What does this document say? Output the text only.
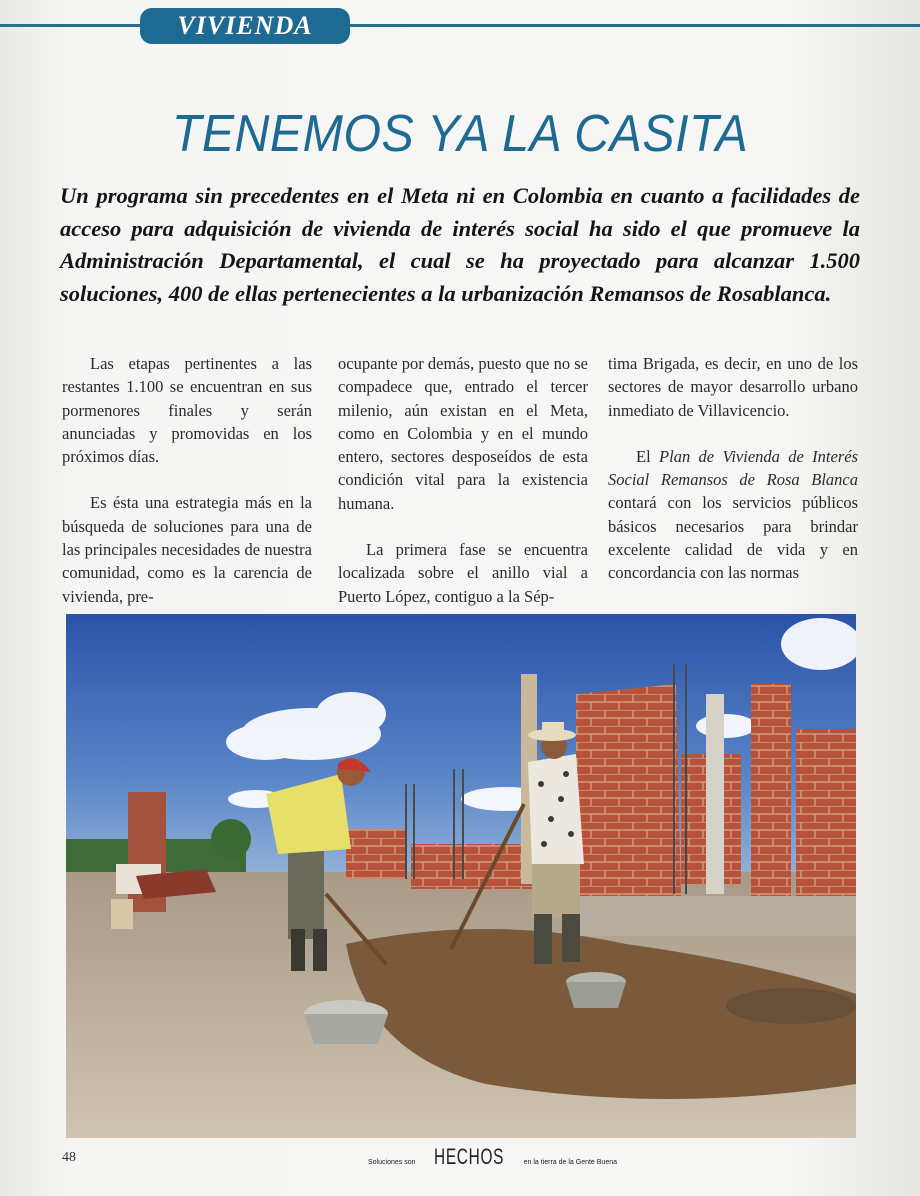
VIVIENDA
TENEMOS YA LA CASITA
Un programa sin precedentes en el Meta ni en Colombia en cuanto a facilidades de acceso para adquisición de vivienda de interés social ha sido el que promueve la Administración Departamental, el cual se ha proyectado para alcanzar 1.500 soluciones, 400 de ellas pertenecientes a la urbanización Remansos de Rosablanca.

Las etapas pertinentes a las restantes 1.100 se encuentran en sus pormenores finales y serán anunciadas y promovidas en los próximos días.

Es ésta una estrategia más en la búsqueda de soluciones para una de las principales necesidades de nuestra comunidad, como es la carencia de vivienda, pre-

ocupante por demás, puesto que no se compadece que, entrado el tercer milenio, aún existan en el Meta, como en Colombia y en el mundo entero, sectores desposeídos de esta condición vital para la existencia humana.

La primera fase se encuentra localizada sobre el anillo vial a Puerto López, contiguo a la Sép-

tima Brigada, es decir, en uno de los sectores de mayor desarrollo urbano inmediato de Villavicencio.

El Plan de Vivienda de Interés Social Remansos de Rosa Blanca contará con los servicios públicos básicos necesarios para brindar excelente calidad de vida y en concordancia con las normas

48	Soluciones son HECHOS	en la tierra de la Gente Buena
